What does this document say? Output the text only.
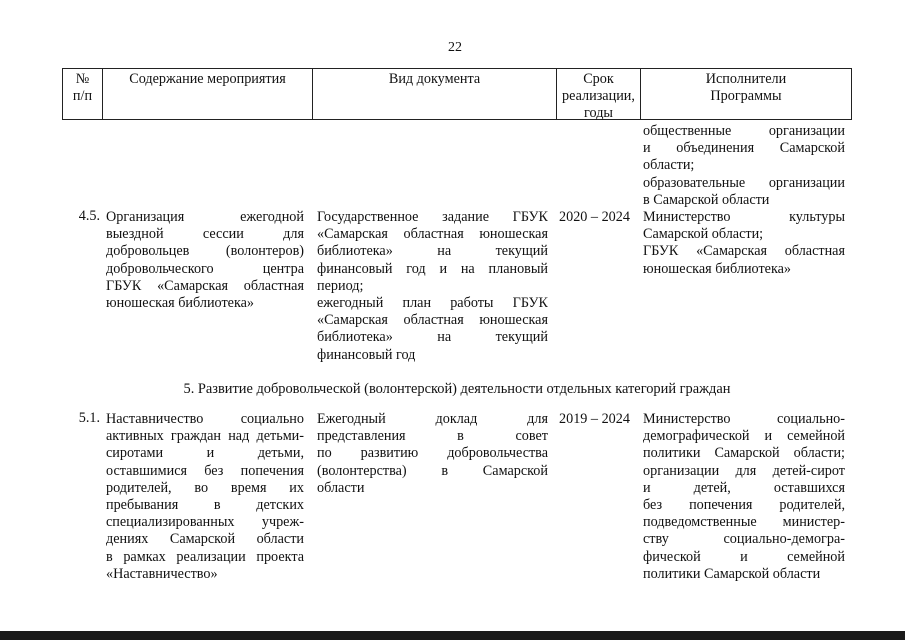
22
№
п/п
Содержание мероприятия	Вид документа	Срок
реализации,
годы
Исполнители
Программы
общественные организации
и объединения Самарской
области;
образовательные организации
в Самарской области
4.5. Организация ежегодной
выездной сессии для
добровольцев (волонтеров)
добровольческого центра
ГБУК «Самарская областная
юношеская библиотека»
Государственное задание ГБУК
«Самарская областная юношеская
библиотека» на текущий
финансовый год и на плановый
период;
ежегодный план работы ГБУК
«Самарская областная юношеская
библиотека» на текущий
финансовый год
2020 – 2024 Министерство культуры
Самарской области;
ГБУК «Самарская областная
юношеская библиотека»
5. Развитие добровольческой (волонтерской) деятельности отдельных категорий граждан
5.1. Наставничество социально
активных граждан над детьми-
сиротами и детьми,
оставшимися без попечения
родителей, во время их
пребывания в детских
специализированных учреж-
дениях Самарской области
в рамках реализации проекта
«Наставничество»
Ежегодный доклад для
представления в совет
по развитию добровольчества
(волонтерства) в Самарской
области
2019 – 2024 Министерство социально-
демографической и семейной
политики Самарской области;
организации для детей-сирот
и детей, оставшихся
без попечения родителей,
подведомственные министер-
ству социально-демогра-
фической и семейной
политики Самарской области
